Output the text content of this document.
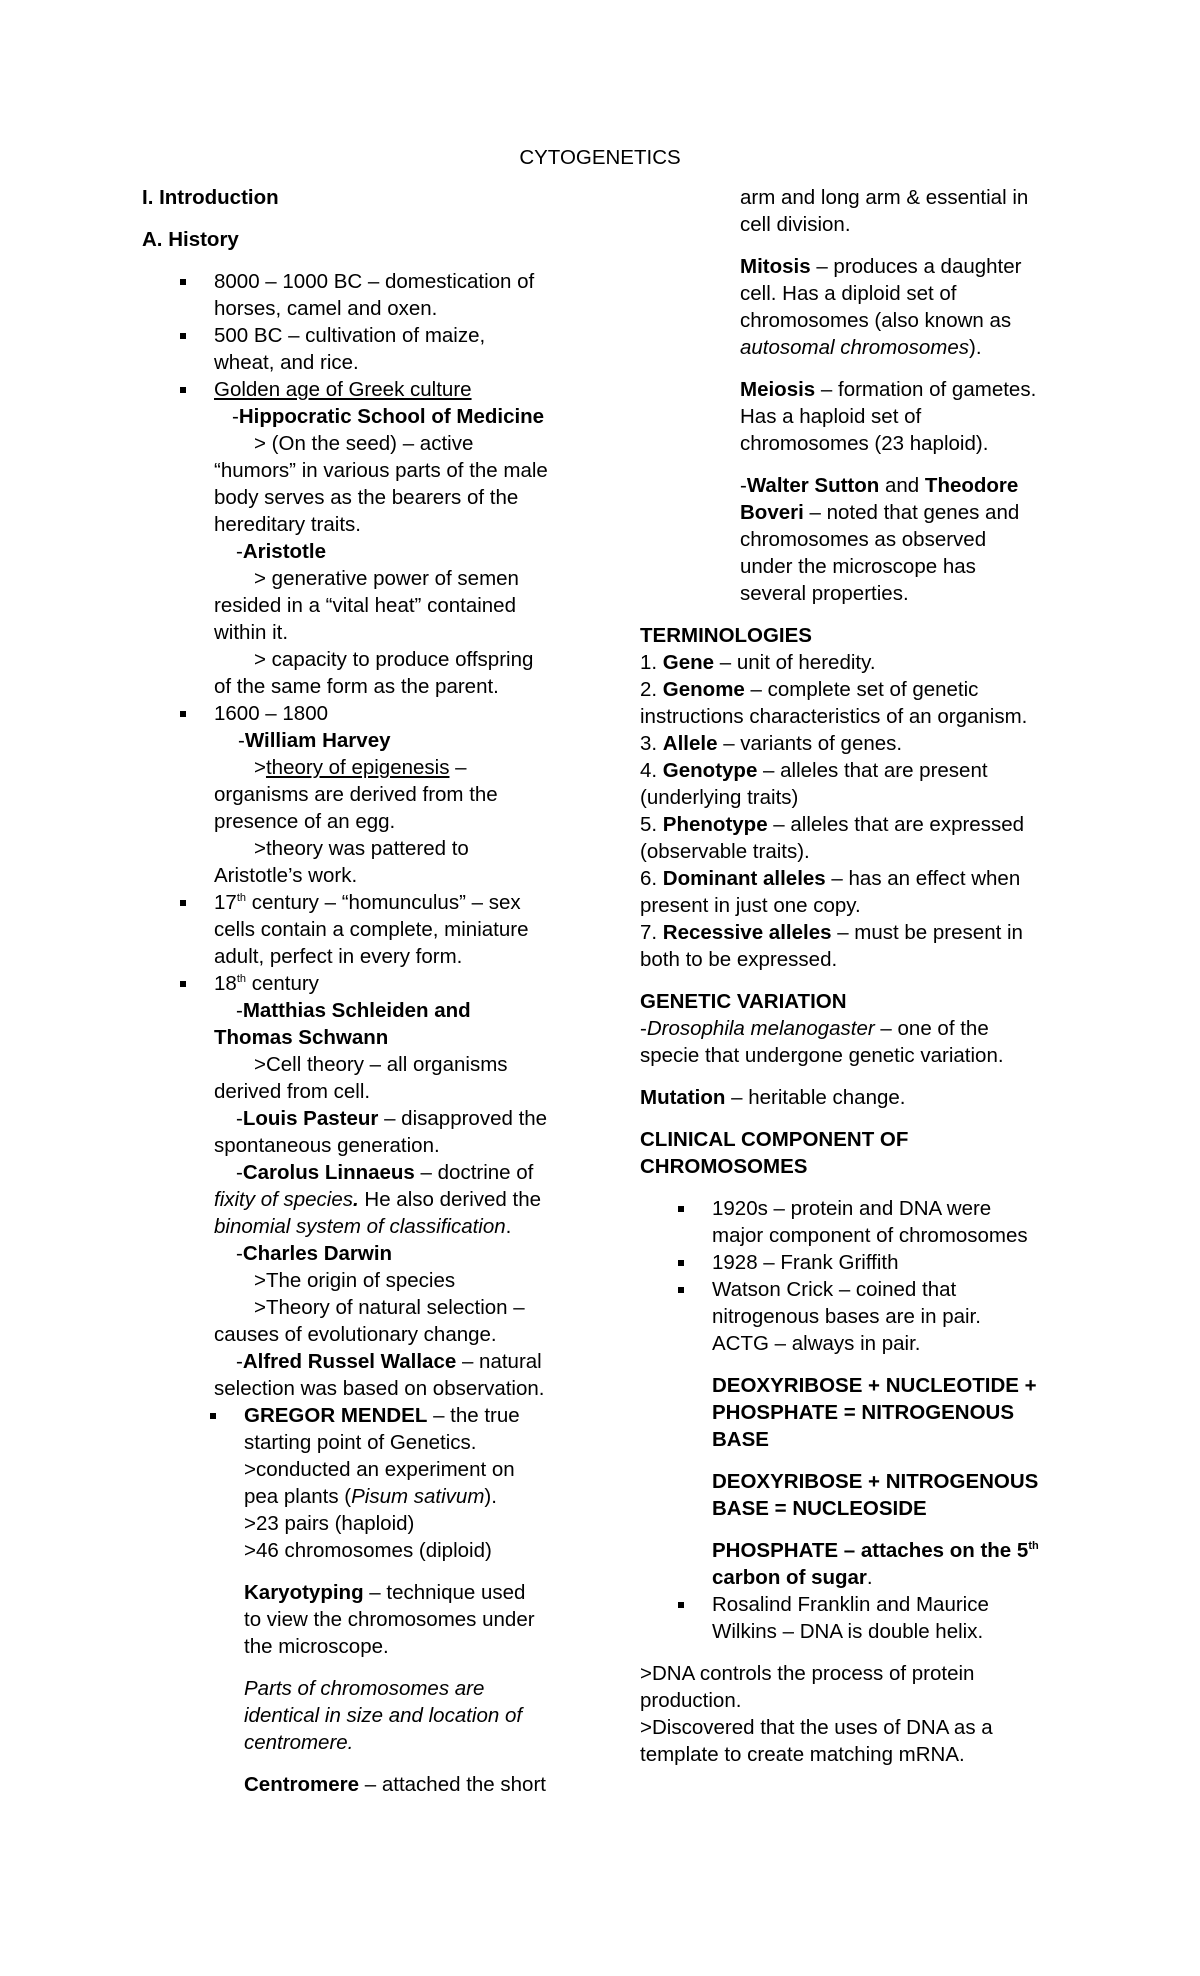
CYTOGENETICS

I. Introduction

A. History

8000 – 1000 BC – domestication of

horses, camel and oxen.

500 BC – cultivation of maize,

wheat, and rice.

Golden age of Greek culture

-Hippocratic School of Medicine

> (On the seed) – active

“humors” in various parts of the male

body serves as the bearers of the

hereditary traits.

-Aristotle

> generative power of semen

resided in a “vital heat” contained

within it.

> capacity to produce offspring

of the same form as the parent.

1600 – 1800

-William Harvey

>theory of epigenesis –

organisms are derived from the

presence of an egg.

>theory was pattered to

Aristotle’s work.

17th century – “homunculus” – sex

cells contain a complete, miniature

adult, perfect in every form.

18th century

-Matthias Schleiden and

Thomas Schwann

>Cell theory – all organisms

derived from cell.

-Louis Pasteur – disapproved the

spontaneous generation.

-Carolus Linnaeus – doctrine of

fixity of species. He also derived the

binomial system of classification.

-Charles Darwin

>The origin of species

>Theory of natural selection –

causes of evolutionary change.

-Alfred Russel Wallace – natural

selection was based on observation.

GREGOR MENDEL – the true

starting point of Genetics.

>conducted an experiment on

pea plants (Pisum sativum).

>23 pairs (haploid)

>46 chromosomes (diploid)

Karyotyping – technique used

to view the chromosomes under

the microscope.

Parts of chromosomes are

identical in size and location of

centromere.

Centromere – attached the short

arm and long arm & essential in

cell division.

Mitosis – produces a daughter

cell. Has a diploid set of

chromosomes (also known as

autosomal chromosomes).

Meiosis – formation of gametes.

Has a haploid set of

chromosomes (23 haploid).

-Walter Sutton and Theodore

Boveri – noted that genes and

chromosomes as observed

under the microscope has

several properties.

TERMINOLOGIES

1. Gene – unit of heredity.

2. Genome – complete set of genetic

instructions characteristics of an organism.

3. Allele – variants of genes.

4. Genotype – alleles that are present

(underlying traits)

5. Phenotype – alleles that are expressed

(observable traits).

6. Dominant alleles – has an effect when

present in just one copy.

7. Recessive alleles – must be present in

both to be expressed.

GENETIC VARIATION

-Drosophila melanogaster – one of the

specie that undergone genetic variation.

Mutation – heritable change.

CLINICAL COMPONENT OF

CHROMOSOMES

1920s – protein and DNA were

major component of chromosomes

1928 – Frank Griffith

Watson Crick – coined that

nitrogenous bases are in pair.

ACTG – always in pair.

DEOXYRIBOSE + NUCLEOTIDE +

PHOSPHATE = NITROGENOUS

BASE

DEOXYRIBOSE + NITROGENOUS

BASE = NUCLEOSIDE

PHOSPHATE – attaches on the 5th

carbon of sugar.

Rosalind Franklin and Maurice

Wilkins – DNA is double helix.

>DNA controls the process of protein

production.

>Discovered that the uses of DNA as a

template to create matching mRNA.
